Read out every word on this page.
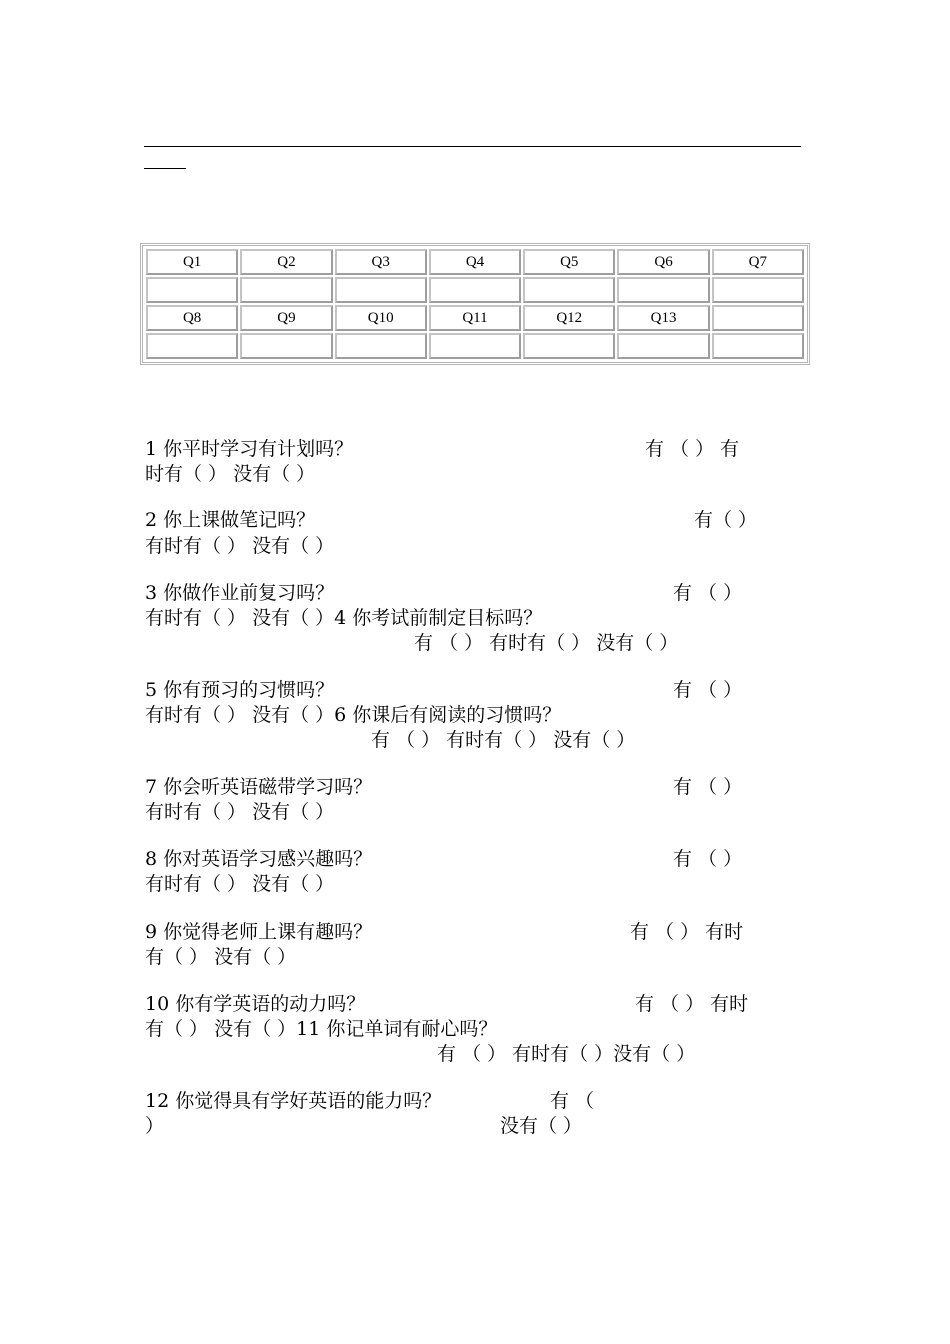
Q1	Q2	Q3	Q4	Q5	Q6	Q7

Q8	Q9	Q10	Q11	Q12	Q13	

1 你平时学习有计划吗？	有 （ ） 有
时有（ ） 没有（ ）
2 你上课做笔记吗？	有（ ）
有时有（ ） 没有（ ）
3 你做作业前复习吗？	有 （ ）
有时有（ ） 没有（ ）4 你考试前制定目标吗？
有 （ ） 有时有（ ） 没有（ ）
5 你有预习的习惯吗？	有 （ ）
有时有（ ） 没有（ ）6 你课后有阅读的习惯吗？
有 （ ） 有时有（ ） 没有（ ）
7 你会听英语磁带学习吗？	有 （ ）
有时有（ ） 没有（ ）
8 你对英语学习感兴趣吗？	有 （ ）
有时有（ ） 没有（ ）
9 你觉得老师上课有趣吗？	有 （ ） 有时
有（ ） 没有（ ）
10 你有学英语的动力吗？	有 （ ） 有时
有（ ） 没有（ ）11 你记单词有耐心吗？
有 （ ） 有时有（ ）没有（ ）
12 你觉得具有学好英语的能力吗？	有 （
）	没有（ ）
